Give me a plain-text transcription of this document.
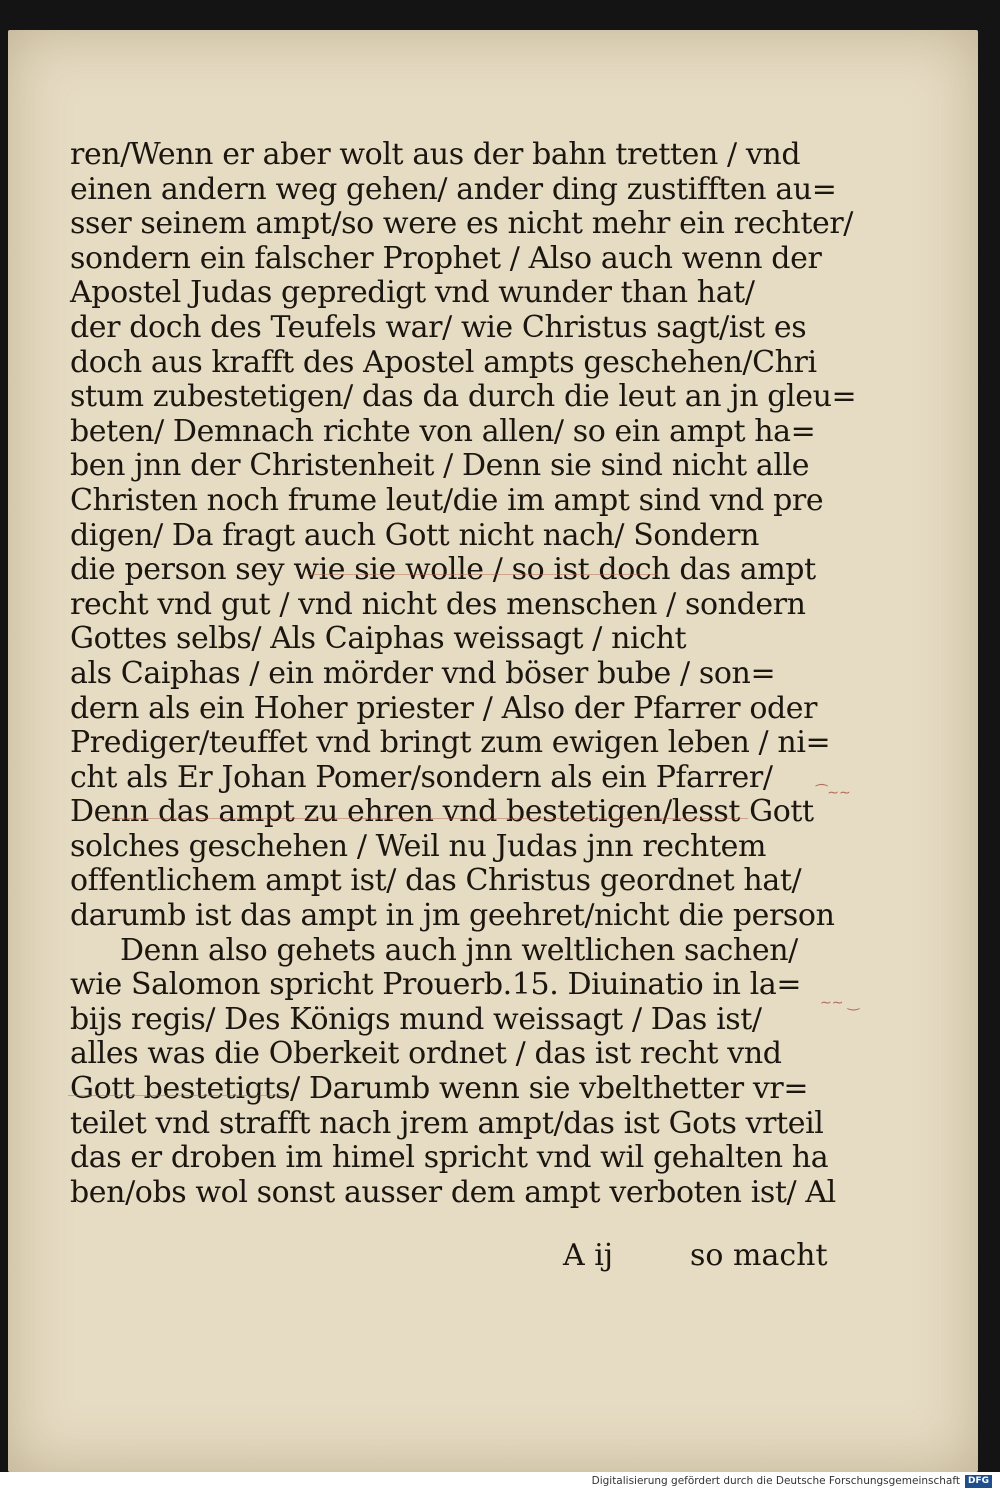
ren/Wenn er aber wolt aus der bahn tretten / vnd
einen andern weg gehen/ ander ding zustifften au=
sser seinem ampt/so were es nicht mehr ein rechter/
sondern ein falscher Prophet / Also auch wenn der
Apostel Judas gepredigt vnd wunder than hat/
der doch des Teufels war/ wie Christus sagt/ist es
doch aus krafft des Apostel ampts geschehen/Chri
stum zubestetigen/ das da durch die leut an jn gleu=
beten/ Demnach richte von allen/ so ein ampt ha=
ben jnn der Christenheit / Denn sie sind nicht alle
Christen noch frume leut/die im ampt sind vnd pre
digen/ Da fragt auch Gott nicht nach/ Sondern
die person sey wie sie wolle / so ist doch das ampt
recht vnd gut / vnd nicht des menschen / sondern
Gottes selbs/ Als Caiphas weissagt / nicht
als Caiphas / ein mörder vnd böser bube / son=
dern als ein Hoher priester / Also der Pfarrer oder
Prediger/teuffet vnd bringt zum ewigen leben / ni=
cht als Er Johan Pomer/sondern als ein Pfarrer/
Denn das ampt zu ehren vnd bestetigen/lesst Gott
solches geschehen / Weil nu Judas jnn rechtem
offentlichem ampt ist/ das Christus geordnet hat/
darumb ist das ampt in jm geehret/nicht die person
Denn also gehets auch jnn weltlichen sachen/
wie Salomon spricht Prouerb.15. Diuinatio in la=
bijs regis/ Des Königs mund weissagt / Das ist/
alles was die Oberkeit ordnet / das ist recht vnd
Gott bestetigts/ Darumb wenn sie vbelthetter vr=
teilet vnd strafft nach jrem ampt/das ist Gots vrteil
das er droben im himel spricht vnd wil gehalten ha
ben/obs wol sonst ausser dem ampt verboten ist/ Al
A ij	so macht
⁀∼∼
∼∼ ‿
Digitalisierung gefördert durch die Deutsche Forschungsgemeinschaft DFG
